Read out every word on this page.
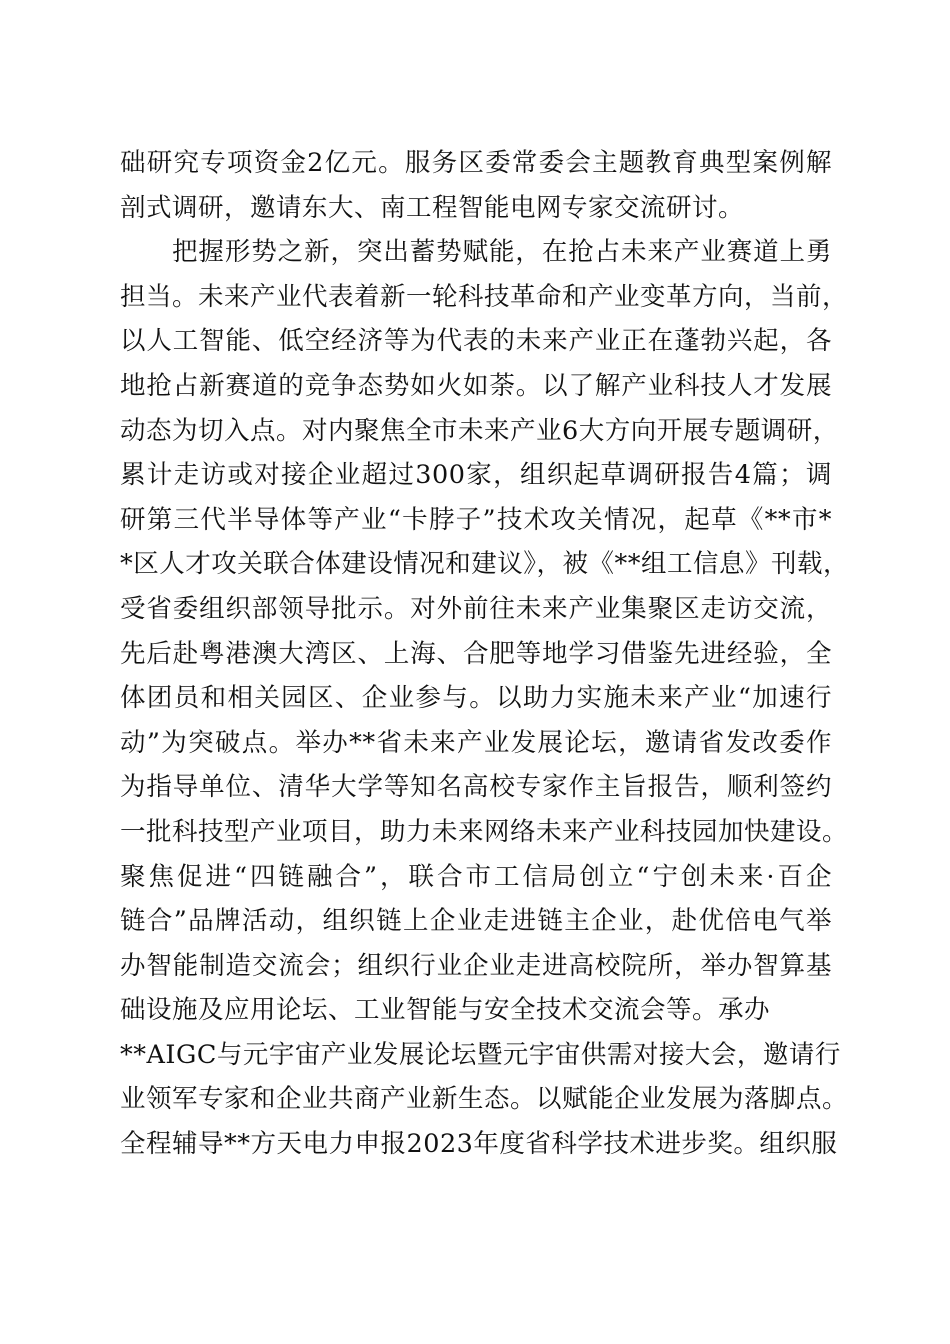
础研究专项资金2亿元。服务区委常委会主题教育典型案例解
剖式调研，邀请东大、南工程智能电网专家交流研讨。
把握形势之新，突出蓄势赋能，在抢占未来产业赛道上勇
担当。未来产业代表着新一轮科技革命和产业变革方向，当前，
以人工智能、低空经济等为代表的未来产业正在蓬勃兴起，各
地抢占新赛道的竞争态势如火如荼。以了解产业科技人才发展
动态为切入点。对内聚焦全市未来产业6大方向开展专题调研，
累计走访或对接企业超过300家，组织起草调研报告4篇；调
研第三代半导体等产业“卡脖子”技术攻关情况，起草《**市*
*区人才攻关联合体建设情况和建议》，被《**组工信息》刊载，
受省委组织部领导批示。对外前往未来产业集聚区走访交流，
先后赴粤港澳大湾区、上海、合肥等地学习借鉴先进经验，全
体团员和相关园区、企业参与。以助力实施未来产业“加速行
动”为突破点。举办**省未来产业发展论坛，邀请省发改委作
为指导单位、清华大学等知名高校专家作主旨报告，顺利签约
一批科技型产业项目，助力未来网络未来产业科技园加快建设。
聚焦促进“四链融合”，联合市工信局创立“宁创未来·百企
链合”品牌活动，组织链上企业走进链主企业，赴优倍电气举
办智能制造交流会；组织行业企业走进高校院所，举办智算基
础设施及应用论坛、工业智能与安全技术交流会等。承办
**AIGC与元宇宙产业发展论坛暨元宇宙供需对接大会，邀请行
业领军专家和企业共商产业新生态。以赋能企业发展为落脚点。
全程辅导**方天电力申报2023年度省科学技术进步奖。组织服
